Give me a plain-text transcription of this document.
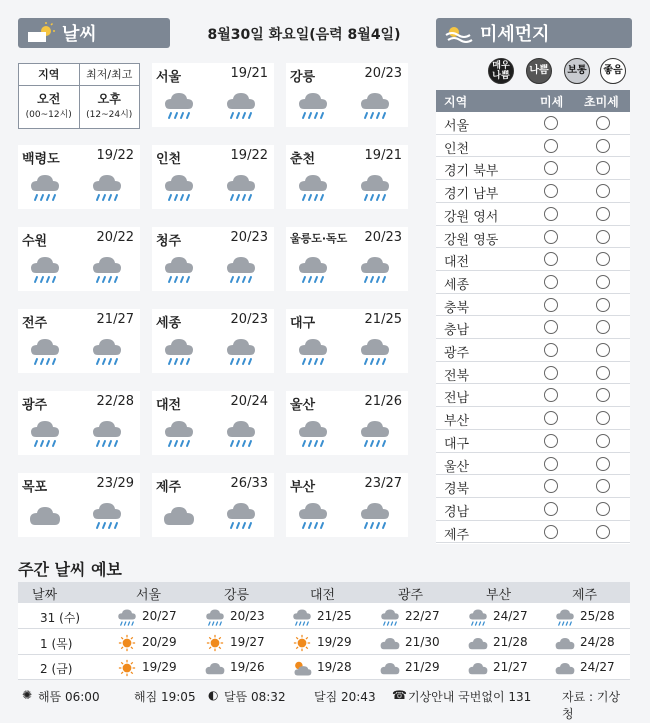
날씨	8월30일 화요일(음력 8월4일)	미세먼지
지역	최저/최고
오전
(00~12시)
오후
(12~24시)
서울	19/21 강릉	20/23
백령도	19/22 인천	19/22 춘천	19/21
수원	20/22 청주	20/23 울릉도·독도 20/23
전주	21/27 세종	20/23 대구	21/25
광주	22/28 대전	20/24 울산	21/26
목포	23/29 제주	26/33 부산	23/27
매우
나쁨	나쁨	보통	좋음
지역	미세 초미세
서울
인천
경기 북부
경기 남부
강원 영서
강원 영동
대전
세종
충북
충남
광주
전북
전남
부산
대구
울산
경북
경남
제주
주간 날씨 예보
날짜	서울	강릉	대전	광주	부산	제주
31 (수)	20/27	20/23	21/25	22/27	24/27	25/28
1 (목)	20/29	19/27	19/29	21/30	21/28	24/28
2 (금)	19/29	19/26	19/28	21/29	21/27	24/27
✺ 해뜸 06:00	해짐 19:05 ◐ 달뜸 08:32 달짐 20:43 ☎ 기상안내 국번없이 131	자료 : 기상청
